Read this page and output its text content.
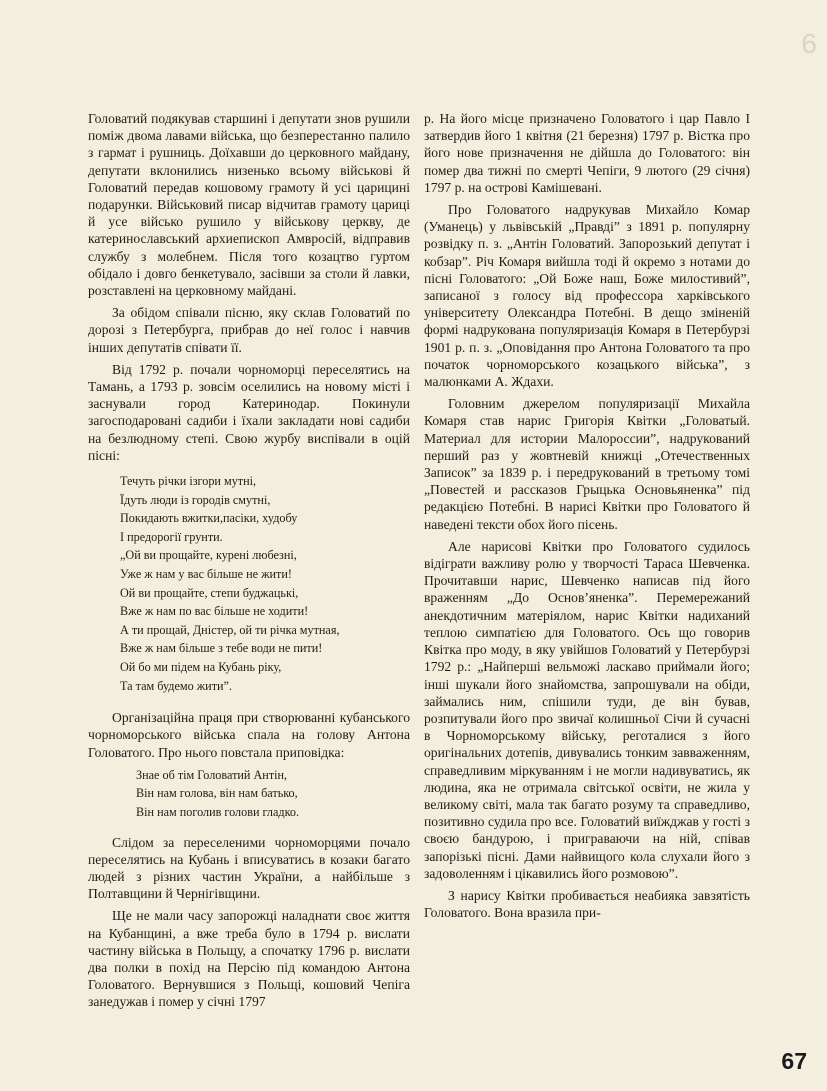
6

Головатий подякував старшині і депутати знов рушили поміж двома лавами війська, що безперестанно палило з гармат і рушниць. Доїхавши до церковного майдану, депутати вклонились низенько всьому військові й Головатий передав кошовому грамоту й усі царицині подарунки. Військовий писар відчитав грамоту цариці й усе військо рушило у військову церкву, де катеринославський архиепископ Амвросій, відправив службу з молебнем. Після того козацтво гуртом обідало і довго бенкетувало, засівши за столи й лавки, розставлені на церковному майдані.

За обідом співали пісню, яку склав Головатий по дорозі з Петербурга, прибрав до неї голос і навчив інших депутатів співати її.

Від 1792 р. почали чорноморці переселятись на Тамань, а 1793 р. зовсім оселились на новому місті і заснували город Катеринодар. Покинули загосподаровані садиби і їхали закладати нові садиби на безлюдному степі. Свою журбу виспівали в оцій пісні:

Течуть річки ізгори мутні,
Їдуть люди із городів смутні,
Покидають вжитки,пасіки, худобу
І предорогії грунти.
„Ой ви прощайте, курені любезні,
Уже ж нам у вас більше не жити!
Ой ви прощайте, степи буджацькі,
Вже ж нам по вас більше не ходити!
А ти прощай, Дністер, ой ти річка мутная,
Вже ж нам більше з тебе води не пити!
Ой бо ми підем на Кубань ріку,
Та там будемо жити”.

Організаційна праця при створюванні кубанського чорноморського війська спала на голову Антона Головатого. Про нього повстала приповідка:

Знае об тім Головатий Антін,
Він нам голова, він нам батько,
Він нам поголив голови гладко.

Слідом за переселеними чорноморцями почало переселятись на Кубань і вписуватись в козаки багато людей з різних частин України, а найбільше з Полтавщини й Чернігівщини.

Ще не мали часу запорожці наладнати своє життя на Кубанщині, а вже треба було в 1794 р. вислати частину війська в Польщу, а спочатку 1796 р. вислати два полки в похід на Персію під командою Антона Головатого. Вернувшися з Польщі, кошовий Чепіга занедужав і помер у січні 1797

р. На його місце призначено Головатого і цар Павло І затвердив його 1 квітня (21 березня) 1797 р. Вістка про його нове призначення не дійшла до Головатого: він помер два тижні по смерті Чепіги, 9 лютого (29 січня) 1797 р. на острові Камішевані.

Про Головатого надрукував Михайло Комар (Уманець) у львівській „Правді” з 1891 р. популярну розвідку п. з. „Антін Головатий. Запорозький депутат і кобзар”. Річ Комаря вийшла тоді й окремо з нотами до пісні Головатого: „Ой Боже наш, Боже милостивий”, записаної з голосу від профессора харківського університету Олександра Потебні. В дещо зміненій формі надрукована популяризація Комаря в Петербурзі 1901 р. п. з. „Оповідання про Антона Головатого та про початок чорноморського козацького війська”, з малюнками А. Ждахи.

Головним джерелом популяризації Михайла Комаря став нарис Григорія Квітки „Головатый. Материал для истории Малороссии”, надрукований перший раз у жовтневій книжці „Отечественных Записок” за 1839 р. і передрукований в третьому томі „Повестей и рассказов Грыцька Основьяненка” під редакцією Потебні. В нарисі Квітки про Головатого й наведені тексти обох його пісень.

Але нарисові Квітки про Головатого судилось відіграти важливу ролю у творчості Тараса Шевченка. Прочитавши нарис, Шевченко написав під його враженням „До Основ’яненка”. Перемережаний анекдотичним матеріялом, нарис Квітки надиханий теплою симпатією для Головатого. Ось що говорив Квітка про моду, в яку увійшов Головатий у Петербурзі 1792 р.: „Найперші вельможі ласкаво приймали його; інші шукали його знайомства, запрошували на обіди, займались ним, спішили туди, де він бував, розпитували його про звичаї колишньої Січи й сучасні в Чорноморському війську, реготалися з його оригінальних дотепів, дивувались тонким завваженням, справедливим міркуванням і не могли надивуватись, як людина, яка не отримала світської освіти, не жила у великому світі, мала так багато розуму та справедливо, позитивно судила про все. Головатий виїжджав у гості з своєю бандурою, і приграваючи на ній, співав запорізькі пісні. Дами найвищого кола слухали його з задоволенням і цікавились його розмовою”.

З нарису Квітки пробивається неабияка завзятість Головатого. Вона вразила при-

67
